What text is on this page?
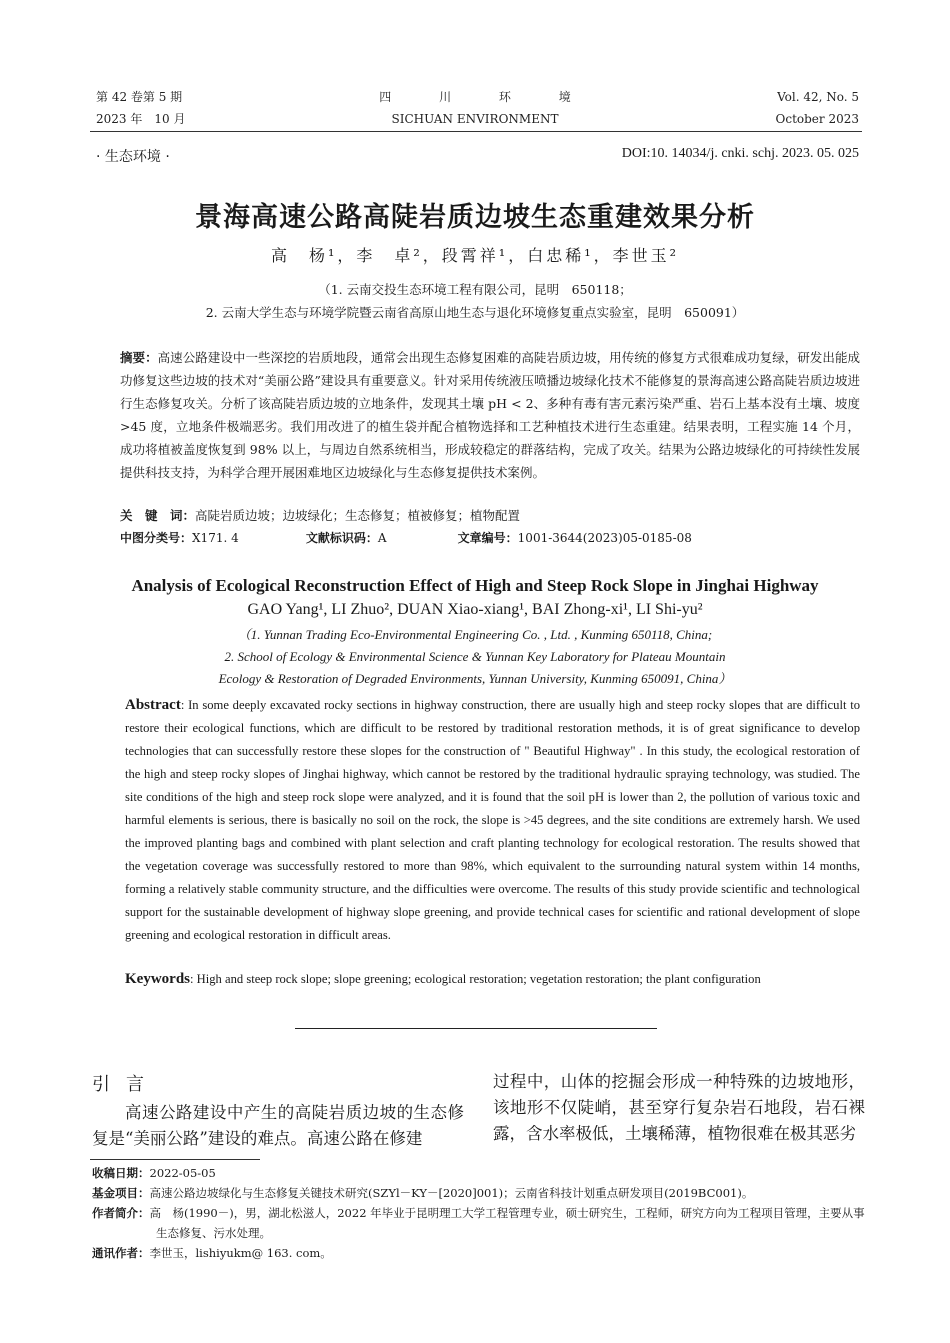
第 42 卷第 5 期
2023 年　10 月
四 川 环 境
SICHUAN ENVIRONMENT
Vol. 42, No. 5
October 2023
· 生态环境 ·	DOI:10. 14034/j. cnki. schj. 2023. 05. 025
景海高速公路高陡岩质边坡生态重建效果分析
高　杨¹，李　卓²，段霄祥¹，白忠稀¹，李世玉²
（1. 云南交投生态环境工程有限公司，昆明　650118；
2. 云南大学生态与环境学院暨云南省高原山地生态与退化环境修复重点实验室，昆明　650091）
摘要：高速公路建设中一些深挖的岩质地段，通常会出现生态修复困难的高陡岩质边坡，用传统的修复方式很难成功复绿，研发出能成功修复这些边坡的技术对“美丽公路”建设具有重要意义。针对采用传统液压喷播边坡绿化技术不能修复的景海高速公路高陡岩质边坡进行生态修复攻关。分析了该高陡岩质边坡的立地条件，发现其土壤 pH < 2、多种有毒有害元素污染严重、岩石上基本没有土壤、坡度 >45 度，立地条件极端恶劣。我们用改进了的植生袋并配合植物选择和工艺种植技术进行生态重建。结果表明，工程实施 14 个月，成功将植被盖度恢复到 98% 以上，与周边自然系统相当，形成较稳定的群落结构，完成了攻关。结果为公路边坡绿化的可持续性发展提供科技支持，为科学合理开展困难地区边坡绿化与生态修复提供技术案例。
关　键　词：高陡岩质边坡；边坡绿化；生态修复；植被修复；植物配置
中图分类号：X171. 4	文献标识码：A	文章编号：1001-3644(2023)05-0185-08
Analysis of Ecological Reconstruction Effect of High and Steep Rock Slope in Jinghai Highway
GAO Yang¹, LI Zhuo², DUAN Xiao-xiang¹, BAI Zhong-xi¹, LI Shi-yu²
（1. Yunnan Trading Eco-Environmental Engineering Co. , Ltd. , Kunming 650118, China;
2. School of Ecology & Environmental Science & Yunnan Key Laboratory for Plateau Mountain
Ecology & Restoration of Degraded Environments, Yunnan University, Kunming 650091, China）
Abstract: In some deeply excavated rocky sections in highway construction, there are usually high and steep rocky slopes that are difficult to restore their ecological functions, which are difficult to be restored by traditional restoration methods, it is of great significance to develop technologies that can successfully restore these slopes for the construction of " Beautiful Highway" . In this study, the ecological restoration of the high and steep rocky slopes of Jinghai highway, which cannot be restored by the traditional hydraulic spraying technology, was studied. The site conditions of the high and steep rock slope were analyzed, and it is found that the soil pH is lower than 2, the pollution of various toxic and harmful elements is serious, there is basically no soil on the rock, the slope is >45 degrees, and the site conditions are extremely harsh. We used the improved planting bags and combined with plant selection and craft planting technology for ecological restoration. The results showed that the vegetation coverage was successfully restored to more than 98%, which equivalent to the surrounding natural system within 14 months, forming a relatively stable community structure, and the difficulties were overcome. The results of this study provide scientific and technological support for the sustainable development of highway slope greening, and provide technical cases for scientific and rational development of slope greening and ecological restoration in difficult areas.
Keywords: High and steep rock slope; slope greening; ecological restoration; vegetation restoration; the plant configuration
引言
高速公路建设中产生的高陡岩质边坡的生态修复是“美丽公路”建设的难点。高速公路在修建
过程中，山体的挖掘会形成一种特殊的边坡地形，该地形不仅陡峭，甚至穿行复杂岩石地段，岩石裸露，含水率极低，土壤稀薄，植物很难在极其恶劣
收稿日期：2022-05-05
基金项目：高速公路边坡绿化与生态修复关键技术研究(SZYl－KY－[2020]001)；云南省科技计划重点研发项目(2019BC001)。
作者简介：高　杨(1990－)，男，湖北松滋人，2022 年毕业于昆明理工大学工程管理专业，硕士研究生，工程师，研究方向为工程项目管理，主要从事生态修复、污水处理。
通讯作者：李世玉，lishiyukm@ 163. com。
